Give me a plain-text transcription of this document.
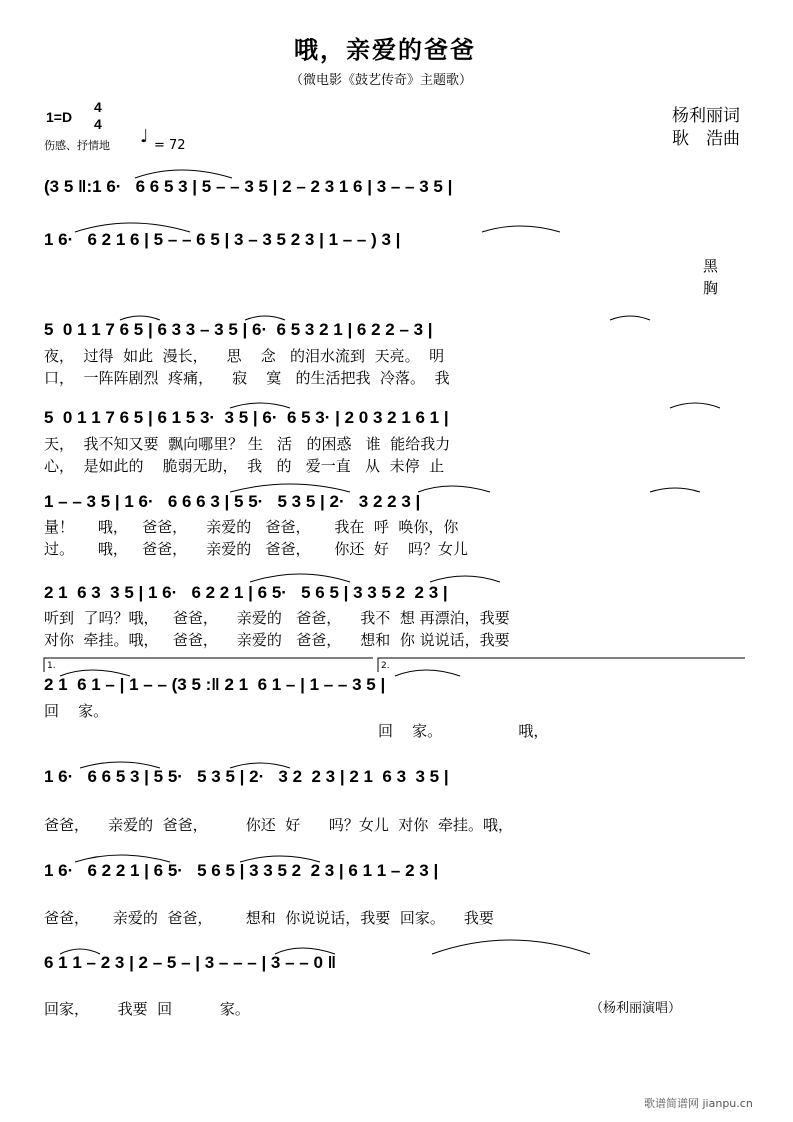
哦，亲爱的爸爸
（微电影《鼓艺传奇》主题歌）
1=D
4
4
伤感、抒情地 ♩ = 72
杨利丽词
耿　浩曲
(3 5 ‖:1 6·   6 6 5 3 | 5 – – 3 5 | 2 – 2 3 1 6 | 3 – – 3 5 |
1 6·   6 2 1 6 | 5 – – 6 5 | 3 – 3 5 2 3 | 1 – – ) 3 |
黑
胸
5  0 1 1 7 6 5 | 6 3 3 – 3 5 | 6·  6 5 3 2 1 | 6 2 2 – 3 |
夜，  过得  如此  漫长，    思    念   的泪水流到  天亮。  明
口，  一阵阵剧烈  疼痛，    寂    寞   的生活把我  冷落。  我
5  0 1 1 7 6 5 | 6 1 5 3·  3 5 | 6·  6 5 3· | 2 0 3 2 1 6 1 |
天，  我不知又要  飘向哪里？ 生   活   的困惑   谁  能给我力
心，  是如此的    脆弱无助，  我   的   爱一直   从  未停  止
1 – – 3 5 | 1 6·   6 6 6 3 | 5 5·   5 3 5 | 2·   3 2 2 3 |
量！     哦，   爸爸，    亲爱的   爸爸，     我在  呼  唤你，你
过。     哦，   爸爸，    亲爱的   爸爸，     你还  好    吗？女儿
2 1  6 3  3 5 | 1 6·   6 2 2 1 | 6 5·   5 6 5 | 3 3 5 2  2 3 |
听到  了吗？哦，   爸爸，    亲爱的   爸爸，    我不  想 再漂泊，我要
对你  牵挂。哦，   爸爸，    亲爱的   爸爸，    想和  你 说说话，我要
1.	2.
2 1  6 1 – | 1 – – (3 5 :‖ 2 1  6 1 – | 1 – – 3 5 |
回    家。
回    家。                哦，
1 6·   6 6 5 3 | 5 5·   5 3 5 | 2·   3 2  2 3 | 2 1  6 3  3 5 |
爸爸，    亲爱的  爸爸，        你还  好      吗？女儿  对你  牵挂。哦，
1 6·   6 2 2 1 | 6 5·   5 6 5 | 3 3 5 2  2 3 | 6 1 1 – 2 3 |
爸爸，     亲爱的  爸爸，       想和  你说说话，我要  回家。    我要
6 1 1 – 2 3 | 2 – 5 – | 3 – – – | 3 – – 0 ‖
回家，      我要  回          家。	（杨利丽演唱）
歌谱简谱网 jianpu.cn
